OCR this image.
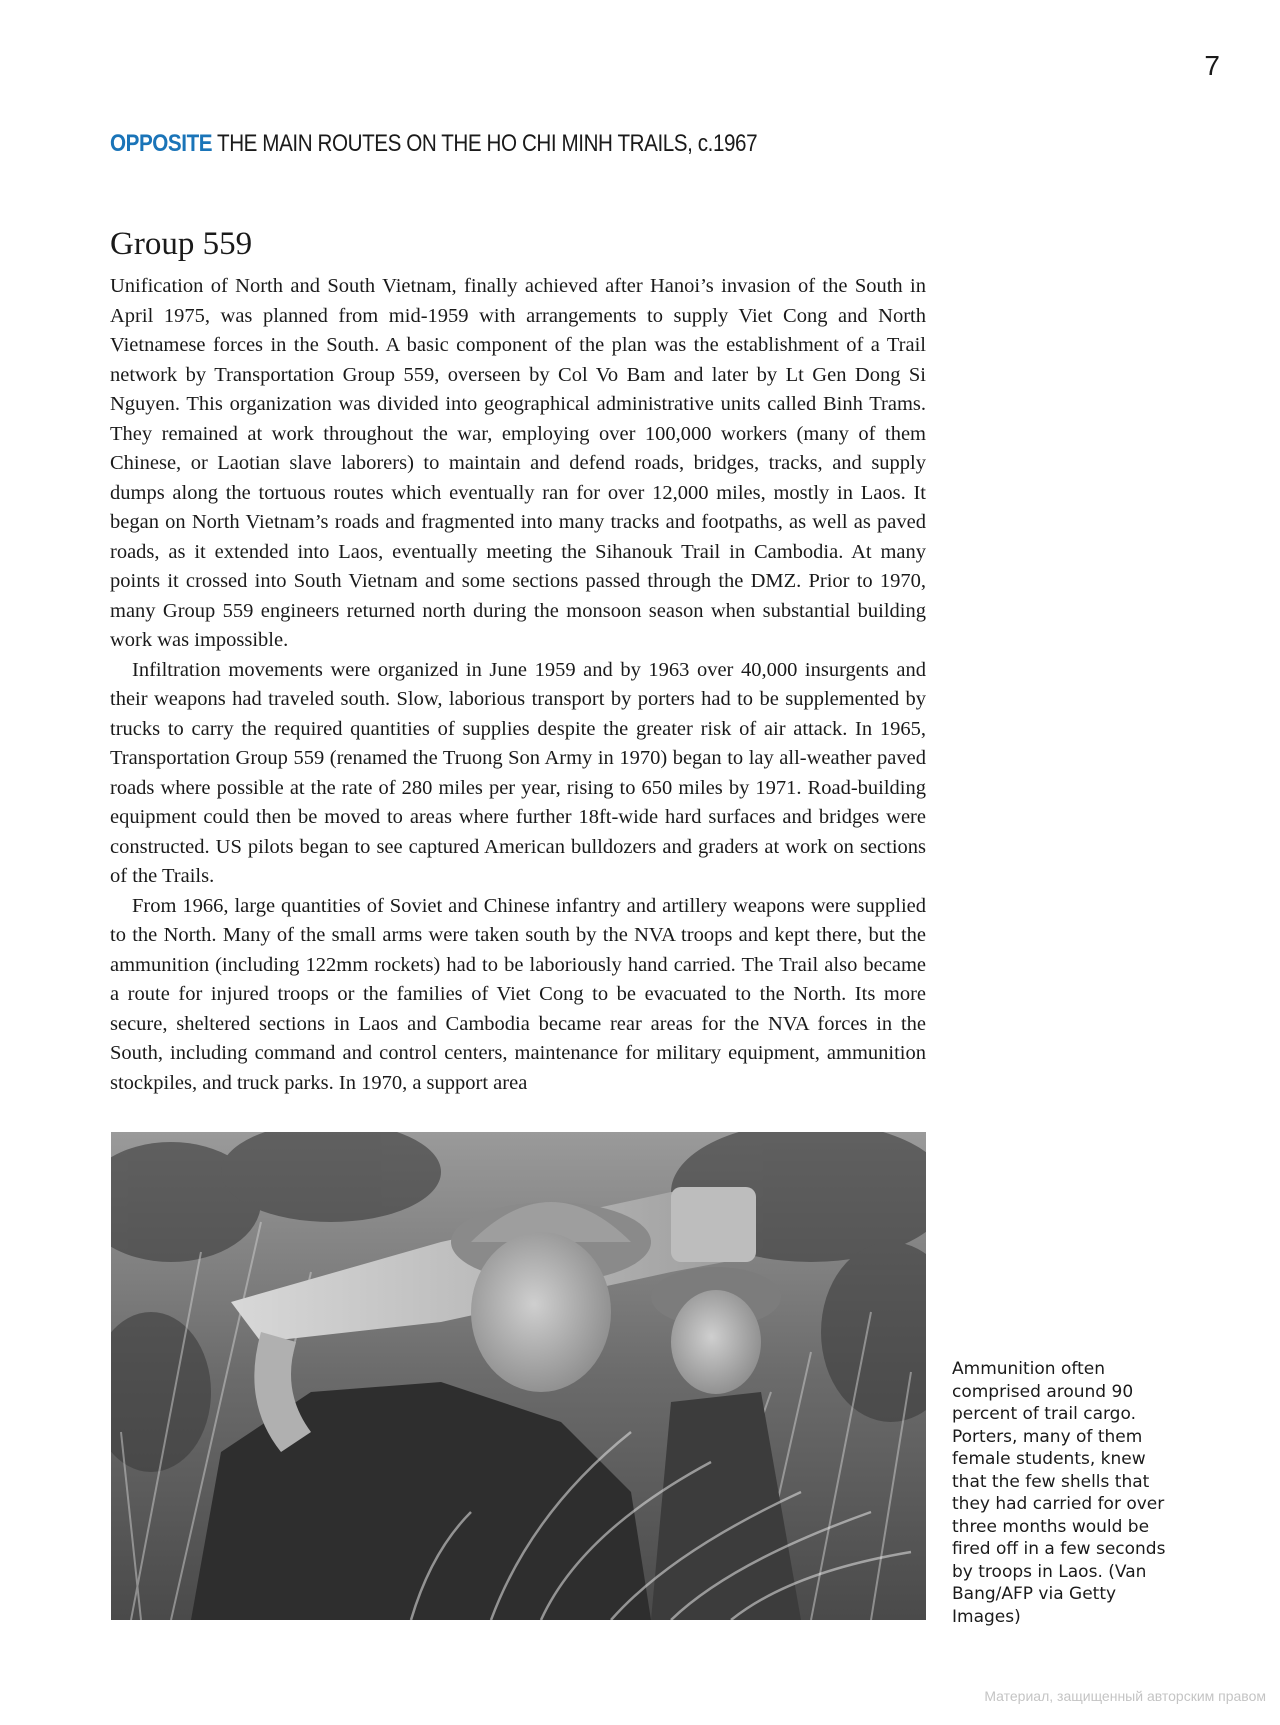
7
OPPOSITE THE MAIN ROUTES ON THE HO CHI MINH TRAILS, c.1967
Group 559

Unification of North and South Vietnam, finally achieved after Hanoi’s invasion of the South in April 1975, was planned from mid-1959 with arrangements to supply Viet Cong and North Vietnamese forces in the South. A basic component of the plan was the establishment of a Trail network by Transportation Group 559, overseen by Col Vo Bam and later by Lt Gen Dong Si Nguyen. This organization was divided into geographical administrative units called Binh Trams. They remained at work throughout the war, employing over 100,000 workers (many of them Chinese, or Laotian slave laborers) to maintain and defend roads, bridges, tracks, and supply dumps along the tortuous routes which eventually ran for over 12,000 miles, mostly in Laos. It began on North Vietnam’s roads and fragmented into many tracks and footpaths, as well as paved roads, as it extended into Laos, eventually meeting the Sihanouk Trail in Cambodia. At many points it crossed into South Vietnam and some sections passed through the DMZ. Prior to 1970, many Group 559 engineers returned north during the monsoon season when substantial building work was impossible.

Infiltration movements were organized in June 1959 and by 1963 over 40,000 insurgents and their weapons had traveled south. Slow, laborious transport by porters had to be supplemented by trucks to carry the required quantities of supplies despite the greater risk of air attack. In 1965, Transportation Group 559 (renamed the Truong Son Army in 1970) began to lay all-weather paved roads where possible at the rate of 280 miles per year, rising to 650 miles by 1971. Road-building equipment could then be moved to areas where further 18ft-wide hard surfaces and bridges were constructed. US pilots began to see captured American bulldozers and graders at work on sections of the Trails.

From 1966, large quantities of Soviet and Chinese infantry and artillery weapons were supplied to the North. Many of the small arms were taken south by the NVA troops and kept there, but the ammunition (including 122mm rockets) had to be laboriously hand carried. The Trail also became a route for injured troops or the families of Viet Cong to be evacuated to the North. Its more secure, sheltered sections in Laos and Cambodia became rear areas for the NVA forces in the South, including command and control centers, maintenance for military equipment, ammunition stockpiles, and truck parks. In 1970, a support area

Ammunition often comprised around 90 percent of trail cargo. Porters, many of them female students, knew that the few shells that they had carried for over three months would be fired off in a few seconds by troops in Laos. (Van Bang/AFP via Getty Images)
Материал, защищенный авторским правом
